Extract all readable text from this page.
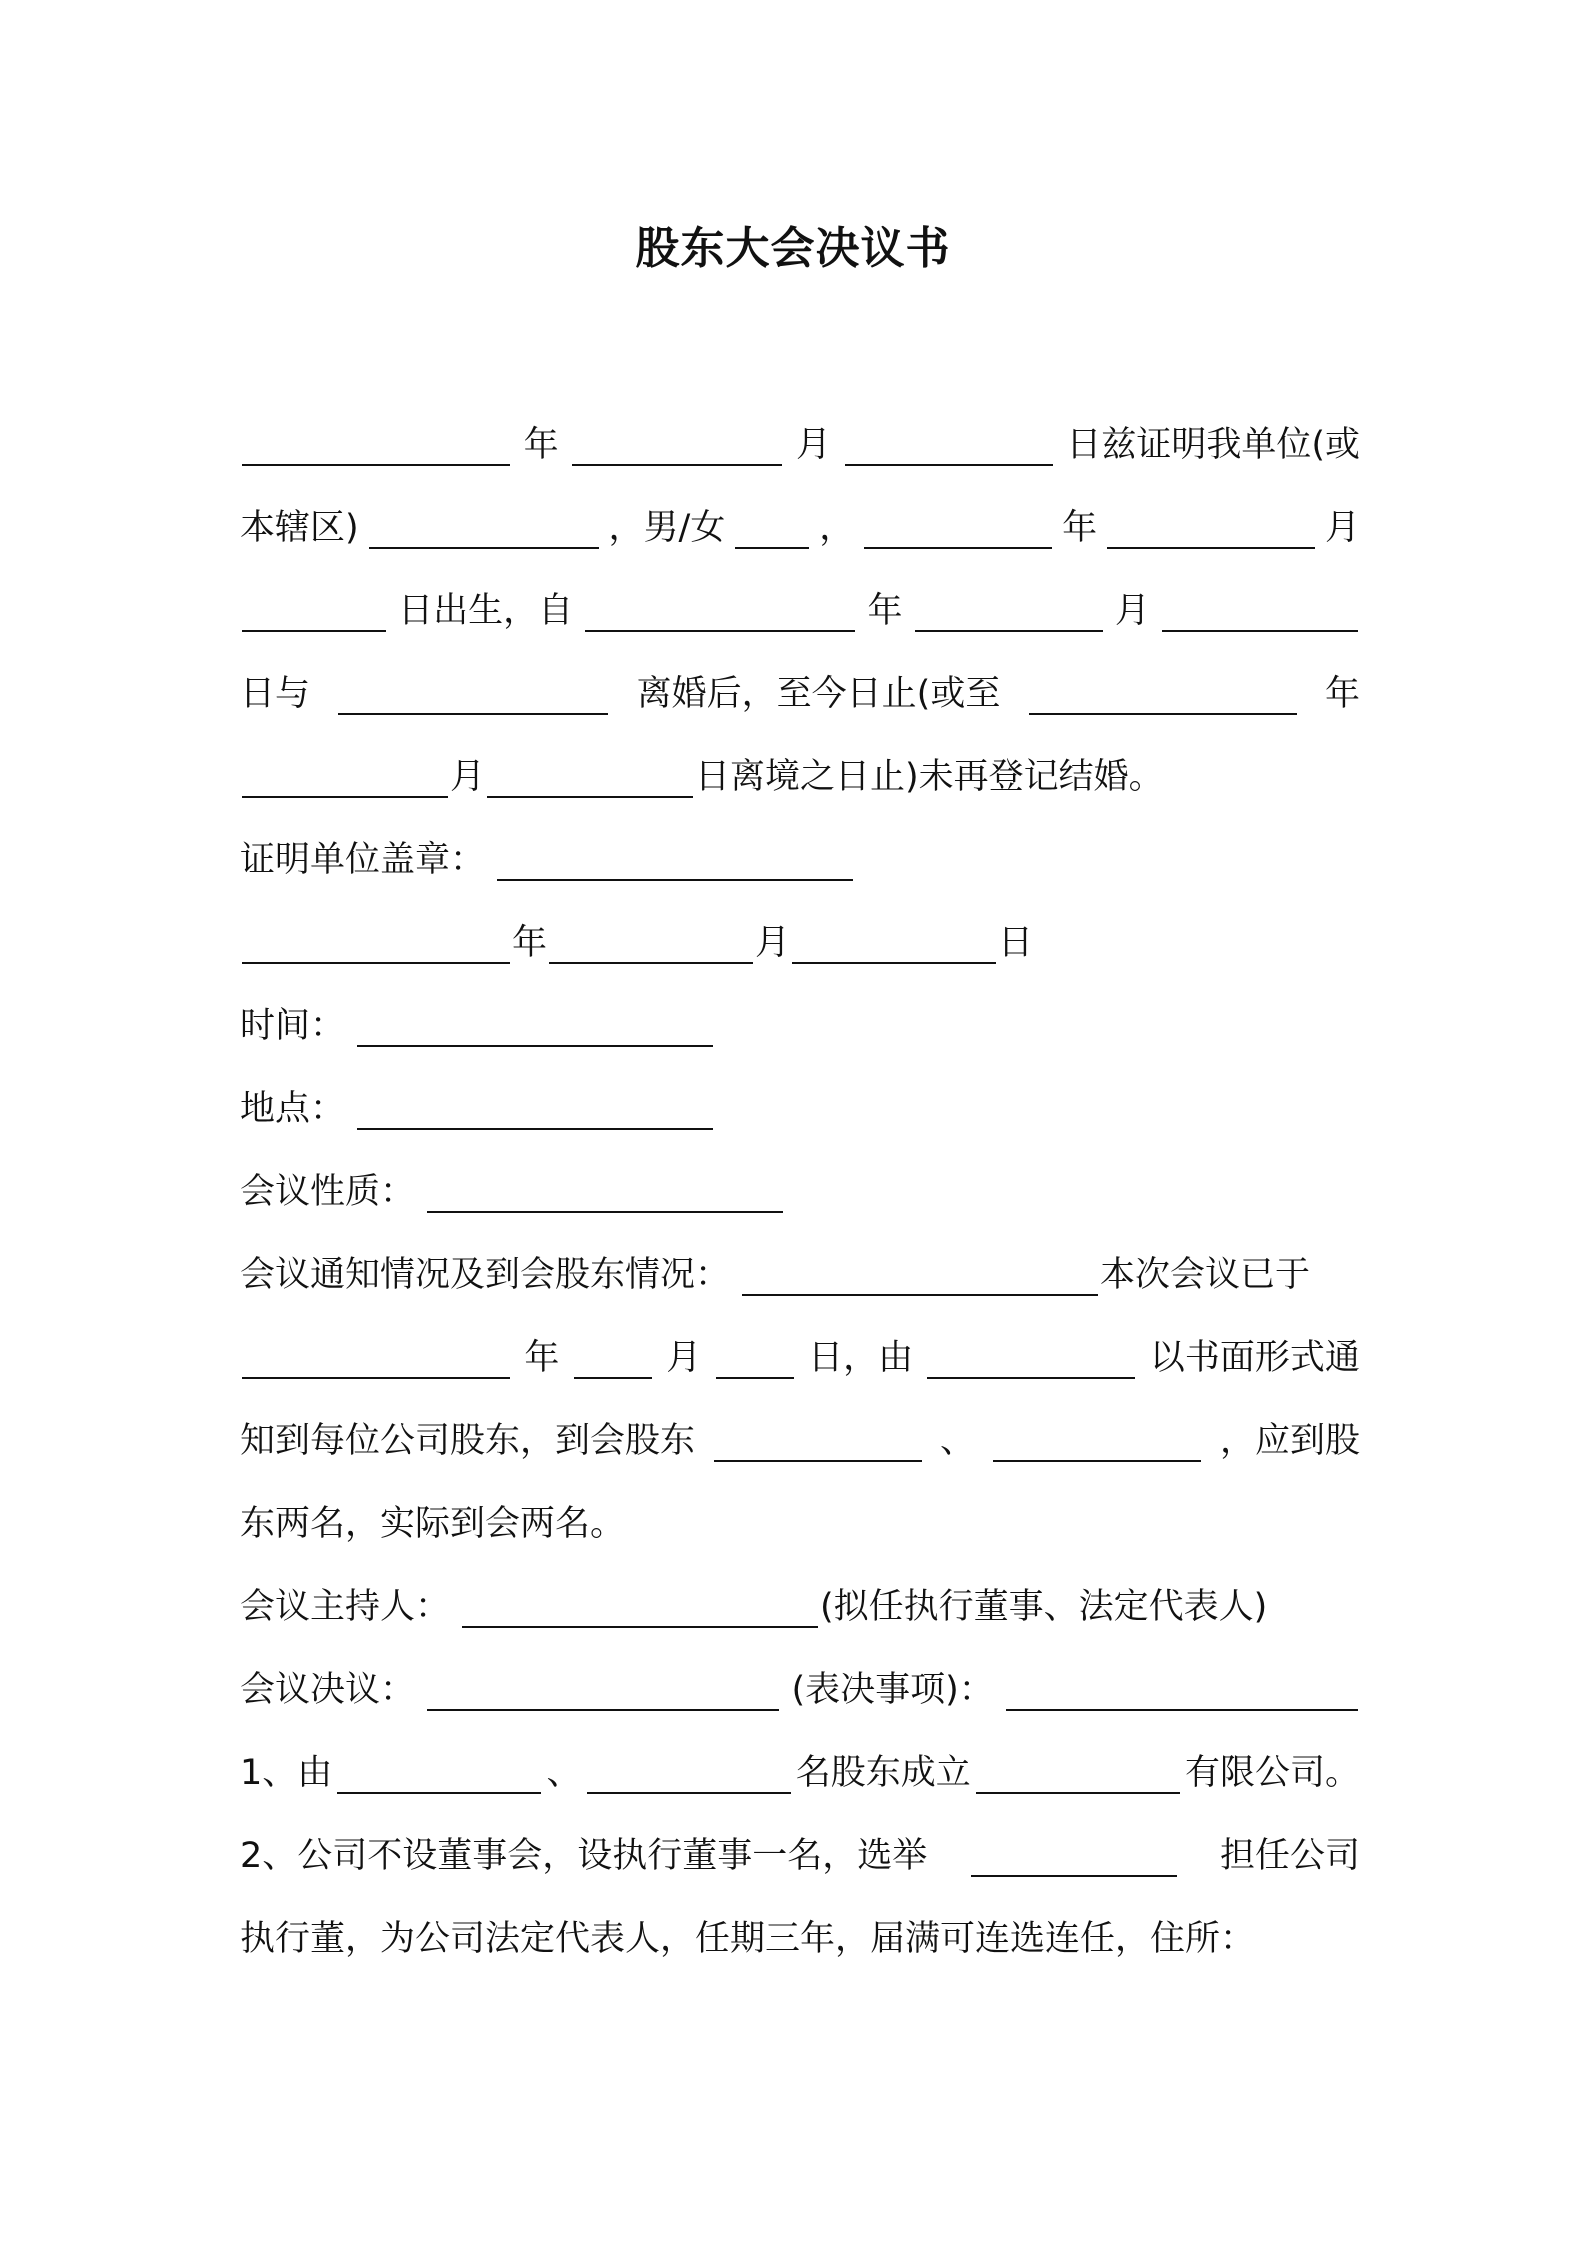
股东大会决议书
年	月	日兹证明我单位(或
本辖区)	，男/女	，	年	月
日出生，自	年	月
日与	离婚后，至今日止(或至	年
月	日离境之日止)未再登记结婚。
证明单位盖章：
年	月	日
时间：
地点：
会议性质：
会议通知情况及到会股东情况：	本次会议已于
年	月	日，由	以书面形式通
知到每位公司股东，到会股东	、	，应到股
东两名，实际到会两名。
会议主持人：	(拟任执行董事、法定代表人)
会议决议：	(表决事项)：
1、由	、	名股东成立	有限公司。
2、公司不设董事会，设执行董事一名，选举	担任公司
执行董，为公司法定代表人，任期三年，届满可连选连任，住所：
